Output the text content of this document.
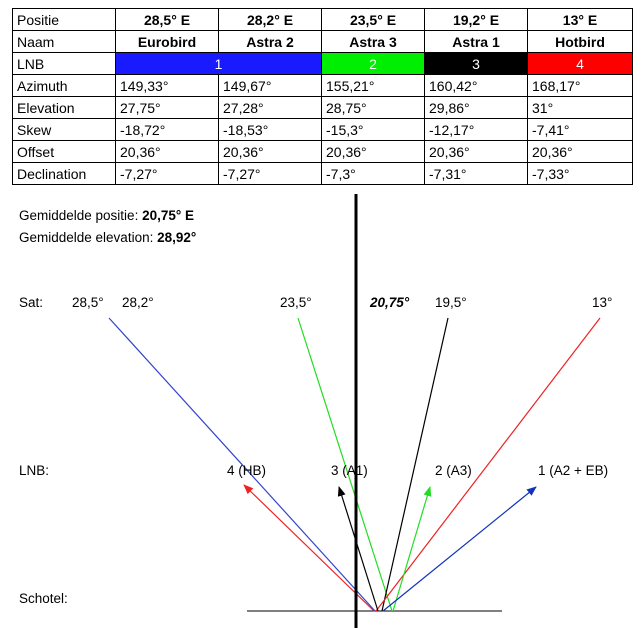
Positie	28,5° E	28,2° E	23,5° E	19,2° E	13° E
Naam	Eurobird	Astra 2	Astra 3	Astra 1	Hotbird
LNB	1		2	3	4
Azimuth	149,33°	149,67°	155,21°	160,42°	168,17°
Elevation	27,75°	27,28°	28,75°	29,86°	31°
Skew	-18,72°	-18,53°	-15,3°	-12,17°	-7,41°
Offset	20,36°	20,36°	20,36°	20,36°	20,36°
Declination	-7,27°	-7,27°	-7,3°	-7,31°	-7,33°
Gemiddelde positie: 20,75° E
Gemiddelde elevation: 28,92°
Sat: 28,5° 28,2°	23,5°	20,75° 19,5°	13°
LNB:	4 (HB)	3 (A1)	2 (A3)	1 (A2 + EB)
Schotel:
